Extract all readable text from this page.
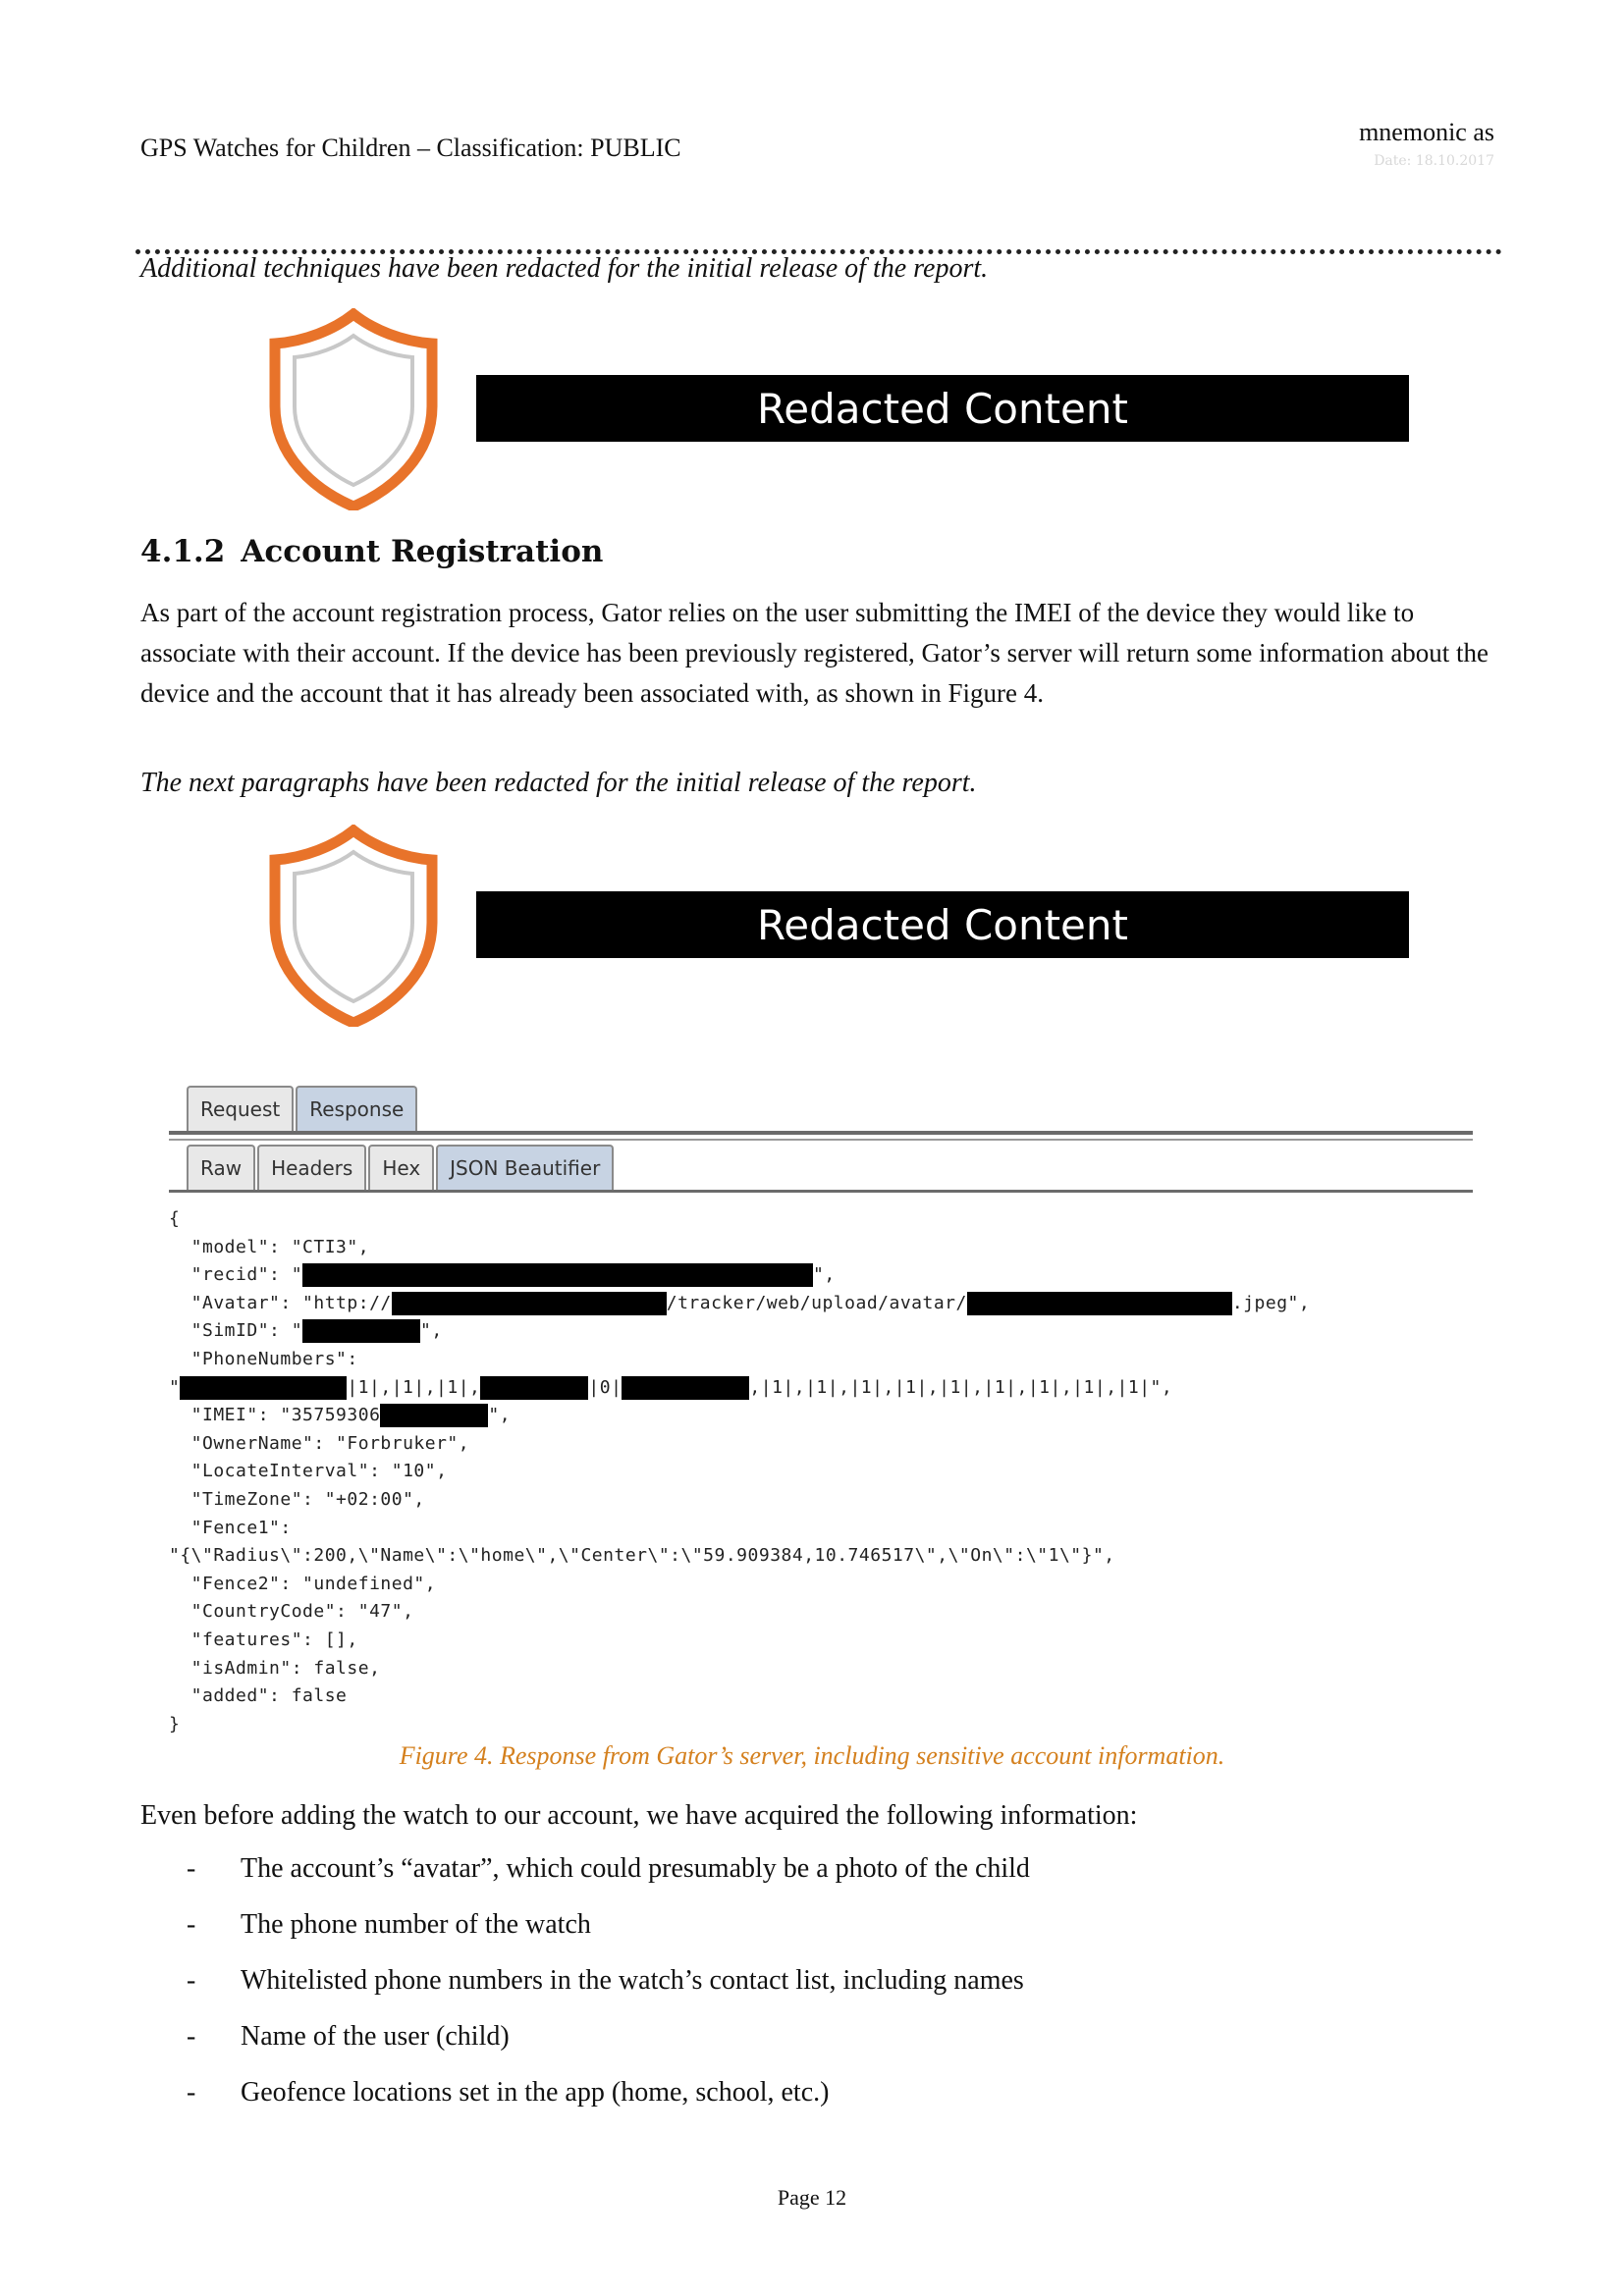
GPS Watches for Children – Classification: PUBLIC
mnemonic as
Date: 18.10.2017
Additional techniques have been redacted for the initial release of the report.
Redacted Content
4.1.2 Account Registration
As part of the account registration process, Gator relies on the user submitting the IMEI of the device they would like to associate with their account. If the device has been previously registered, Gator’s server will return some information about the device and the account that it has already been associated with, as shown in Figure 4.
The next paragraphs have been redacted for the initial release of the report.
Redacted Content
Request	Response
Raw	Headers	Hex	JSON Beautifier
{
"model": "CTI3",
"recid": "	",
"Avatar": "http://	/tracker/web/upload/avatar/	.jpeg",
"SimID": "	",
"PhoneNumbers":
"	|1|,|1|,|1|,	|0|	,|1|,|1|,|1|,|1|,|1|,|1|,|1|,|1|,|1|",
"IMEI": "35759306	",
"OwnerName": "Forbruker",
"LocateInterval": "10",
"TimeZone": "+02:00",
"Fence1":
"{\"Radius\":200,\"Name\":\"home\",\"Center\":\"59.909384,10.746517\",\"On\":\"1\"}",
"Fence2": "undefined",
"CountryCode": "47",
"features": [],
"isAdmin": false,
"added": false
}
Figure 4. Response from Gator’s server, including sensitive account information.
Even before adding the watch to our account, we have acquired the following information:
-	The account’s “avatar”, which could presumably be a photo of the child
-	The phone number of the watch
-	Whitelisted phone numbers in the watch’s contact list, including names
-	Name of the user (child)
-	Geofence locations set in the app (home, school, etc.)
Page 12
